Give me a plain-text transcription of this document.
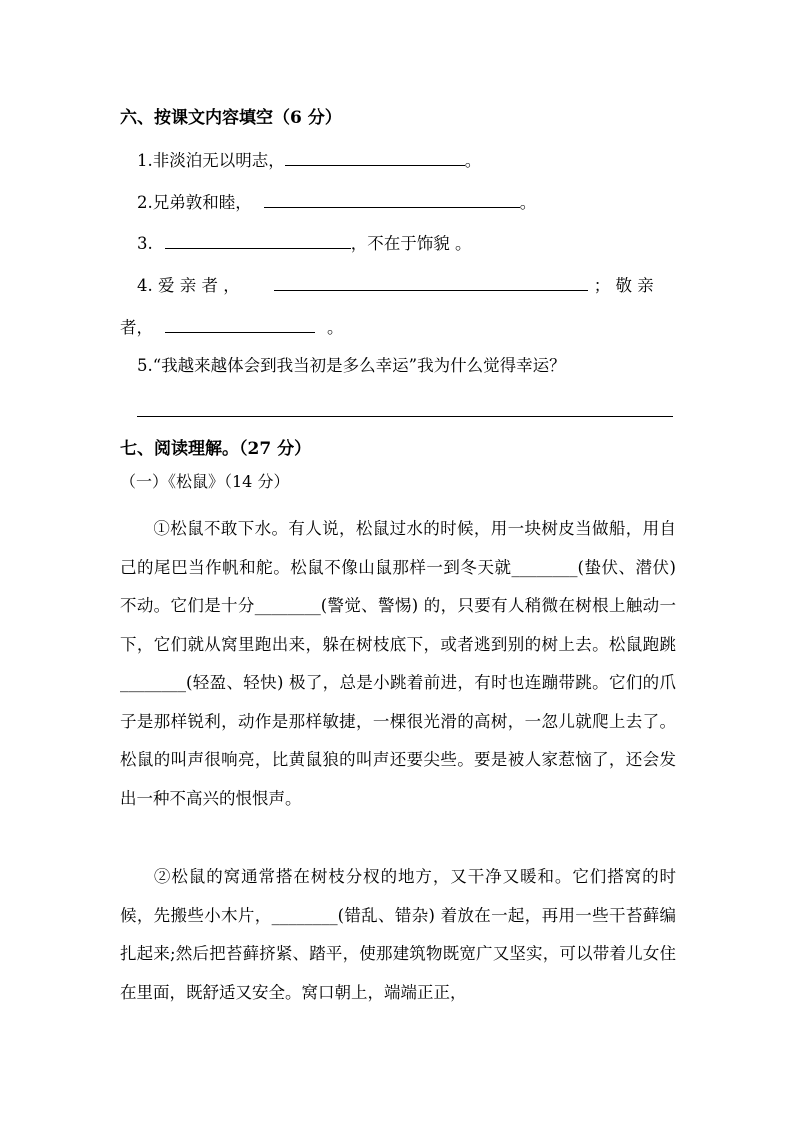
六、按课文内容填空（6 分）
1.非淡泊无以明志，	。
2.兄弟敦和睦，	。
3.	，不在于饰貌 。
4. 爱 亲 者 ，	； 敬 亲
者，	。
5.“我越来越体会到我当初是多么幸运”我为什么觉得幸运？
七、阅读理解。（27 分）
（一）《松鼠》（14 分）
①松鼠不敢下水。有人说，松鼠过水的时候，用一块树皮当做船，用自己的尾巴当作帆和舵。松鼠不像山鼠那样一到冬天就________(蛰伏、潜伏) 不动。它们是十分________(警觉、警惕) 的，只要有人稍微在树根上触动一下，它们就从窝里跑出来，躲在树枝底下，或者逃到别的树上去。松鼠跑跳________(轻盈、轻快) 极了，总是小跳着前进，有时也连蹦带跳。它们的爪子是那样锐利，动作是那样敏捷，一棵很光滑的高树，一忽儿就爬上去了。松鼠的叫声很响亮，比黄鼠狼的叫声还要尖些。要是被人家惹恼了，还会发出一种不高兴的恨恨声。
②松鼠的窝通常搭在树枝分杈的地方，又干净又暖和。它们搭窝的时候，先搬些小木片，________(错乱、错杂) 着放在一起，再用一些干苔藓编扎起来;然后把苔藓挤紧、踏平，使那建筑物既宽广又坚实，可以带着儿女住在里面，既舒适又安全。窝口朝上，端端正正，
